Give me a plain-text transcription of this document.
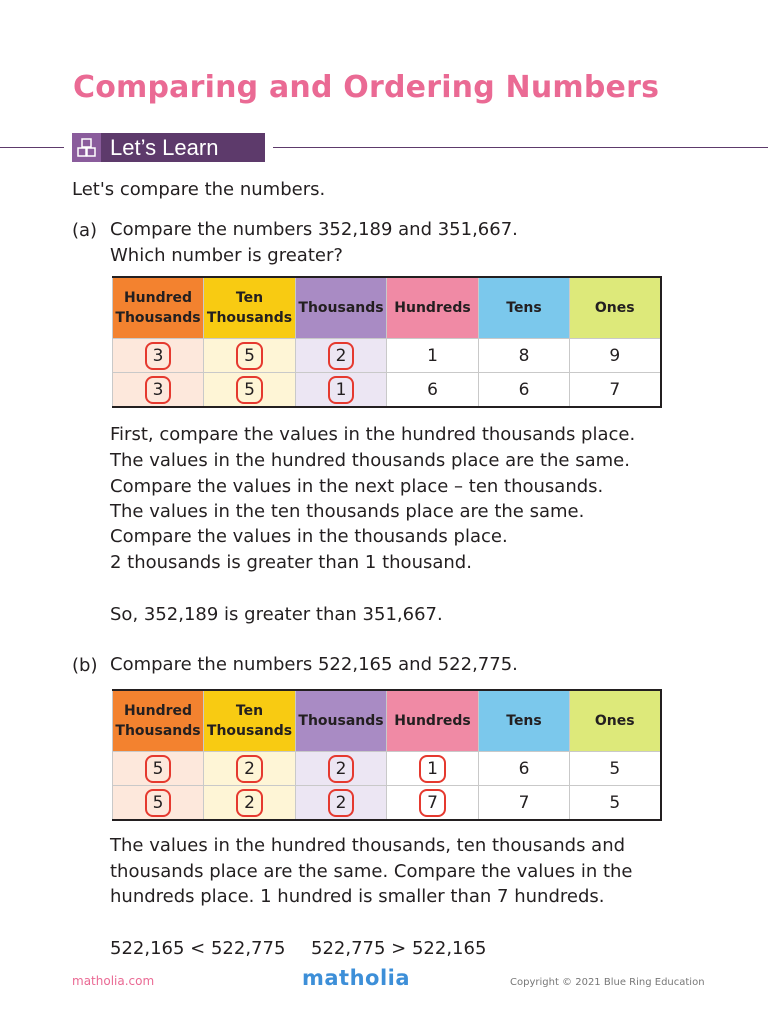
Comparing and Ordering Numbers
Let’s Learn

Let's compare the numbers.

(a) Compare the numbers 352,189 and 351,667.

Which number is greater?

Hundred Thousands	Ten Thousands	Thousands	Hundreds	Tens	Ones
3	5	2	1	8	9
3	5	1	6	6	7

First, compare the values in the hundred thousands place.

The values in the hundred thousands place are the same.

Compare the values in the next place – ten thousands.

The values in the ten thousands place are the same.

Compare the values in the thousands place.

2 thousands is greater than 1 thousand.

So, 352,189 is greater than 351,667.

(b) Compare the numbers 522,165 and 522,775.

Hundred Thousands	Ten Thousands	Thousands	Hundreds	Tens	Ones
5	2	2	1	6	5
5	2	2	7	7	5

The values in the hundred thousands, ten thousands and

thousands place are the same. Compare the values in the

hundreds place. 1 hundred is smaller than 7 hundreds.

522,165 < 522,775 522,775 > 522,165

matholia.com	matholia	Copyright © 2021 Blue Ring Education
